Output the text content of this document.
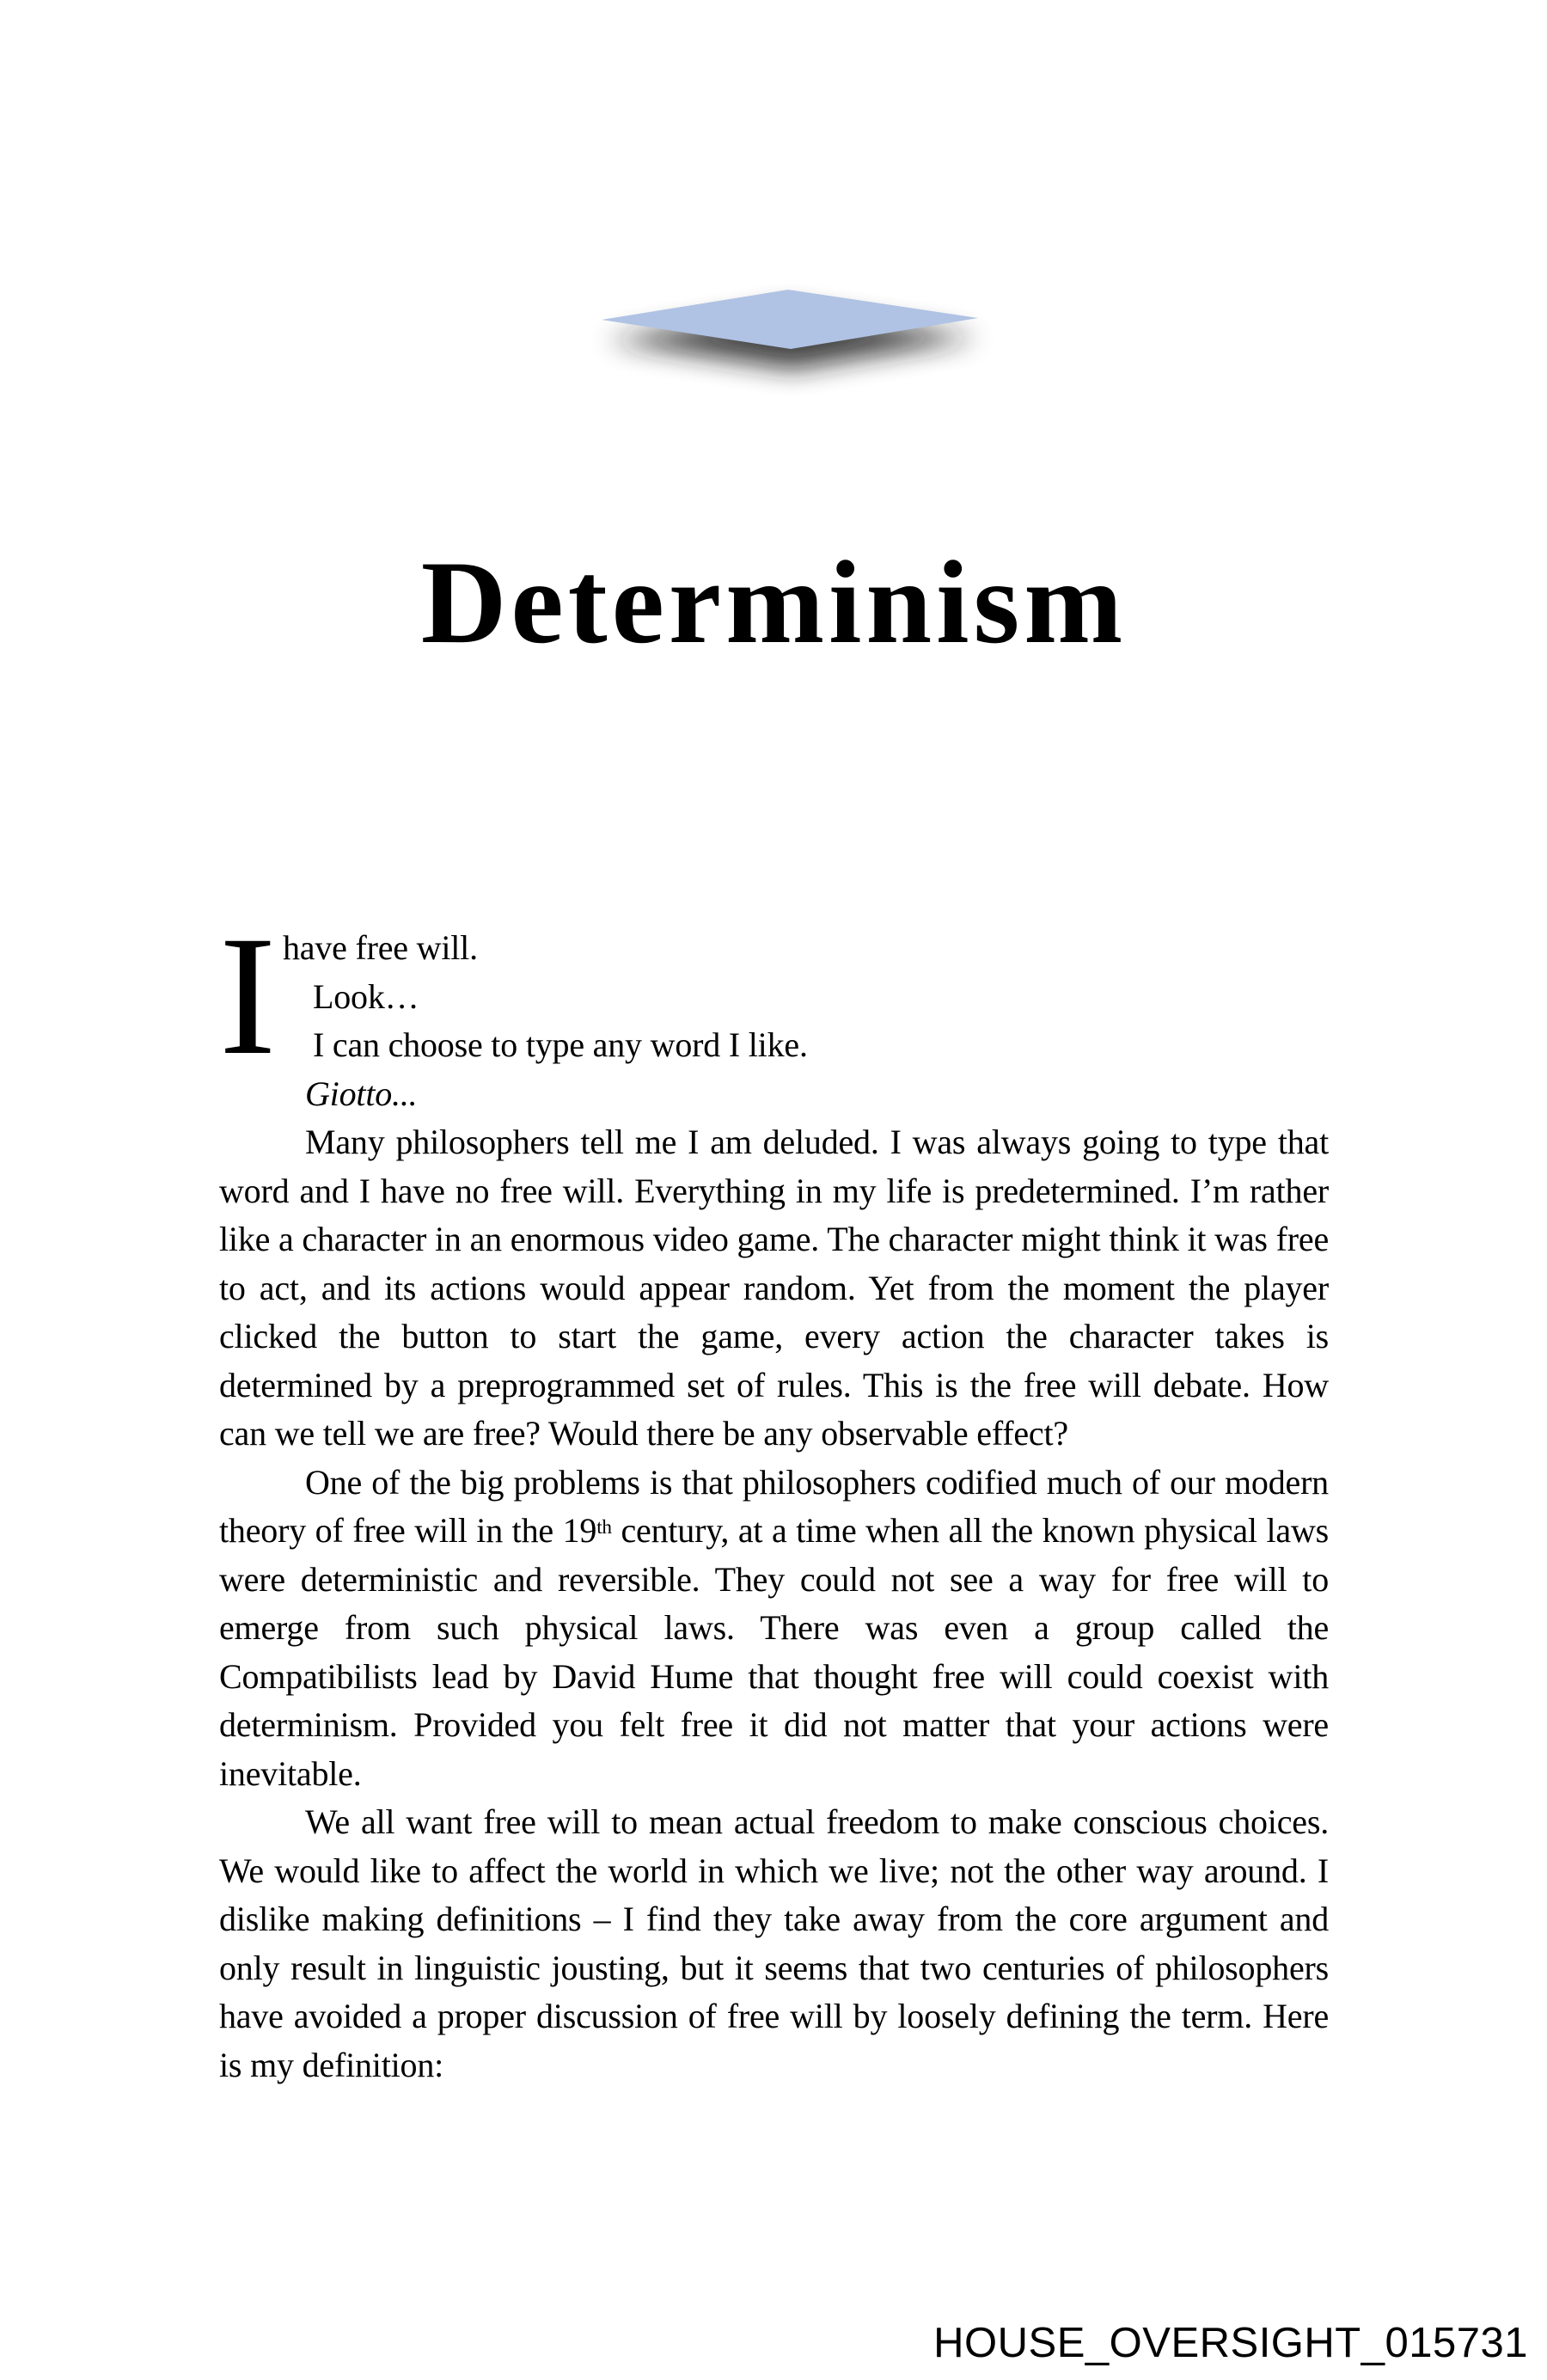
Determinism

Ihave free will.

Look…

I can choose to type any word I like.

Giotto...

Many philosophers tell me I am deluded. I was always going to type that word and I have no free will. Everything in my life is predetermined. I’m rather like a character in an enormous video game. The character might think it was free to act, and its actions would appear random. Yet from the moment the player clicked the button to start the game, every action the character takes is determined by a preprogrammed set of rules. This is the free will debate. How can we tell we are free? Would there be any observable effect?

One of the big problems is that philosophers codified much of our modern theory of free will in the 19th century, at a time when all the known physical laws were deterministic and reversible. They could not see a way for free will to emerge from such physical laws. There was even a group called the Compatibilists lead by David Hume that thought free will could coexist with determinism. Provided you felt free it did not matter that your actions were inevitable.

We all want free will to mean actual freedom to make conscious choices. We would like to affect the world in which we live; not the other way around. I dislike making definitions – I find they take away from the core argument and only result in linguistic jousting, but it seems that two centuries of philosophers have avoided a proper discussion of free will by loosely defining the term. Here is my definition:

HOUSE_OVERSIGHT_015731
